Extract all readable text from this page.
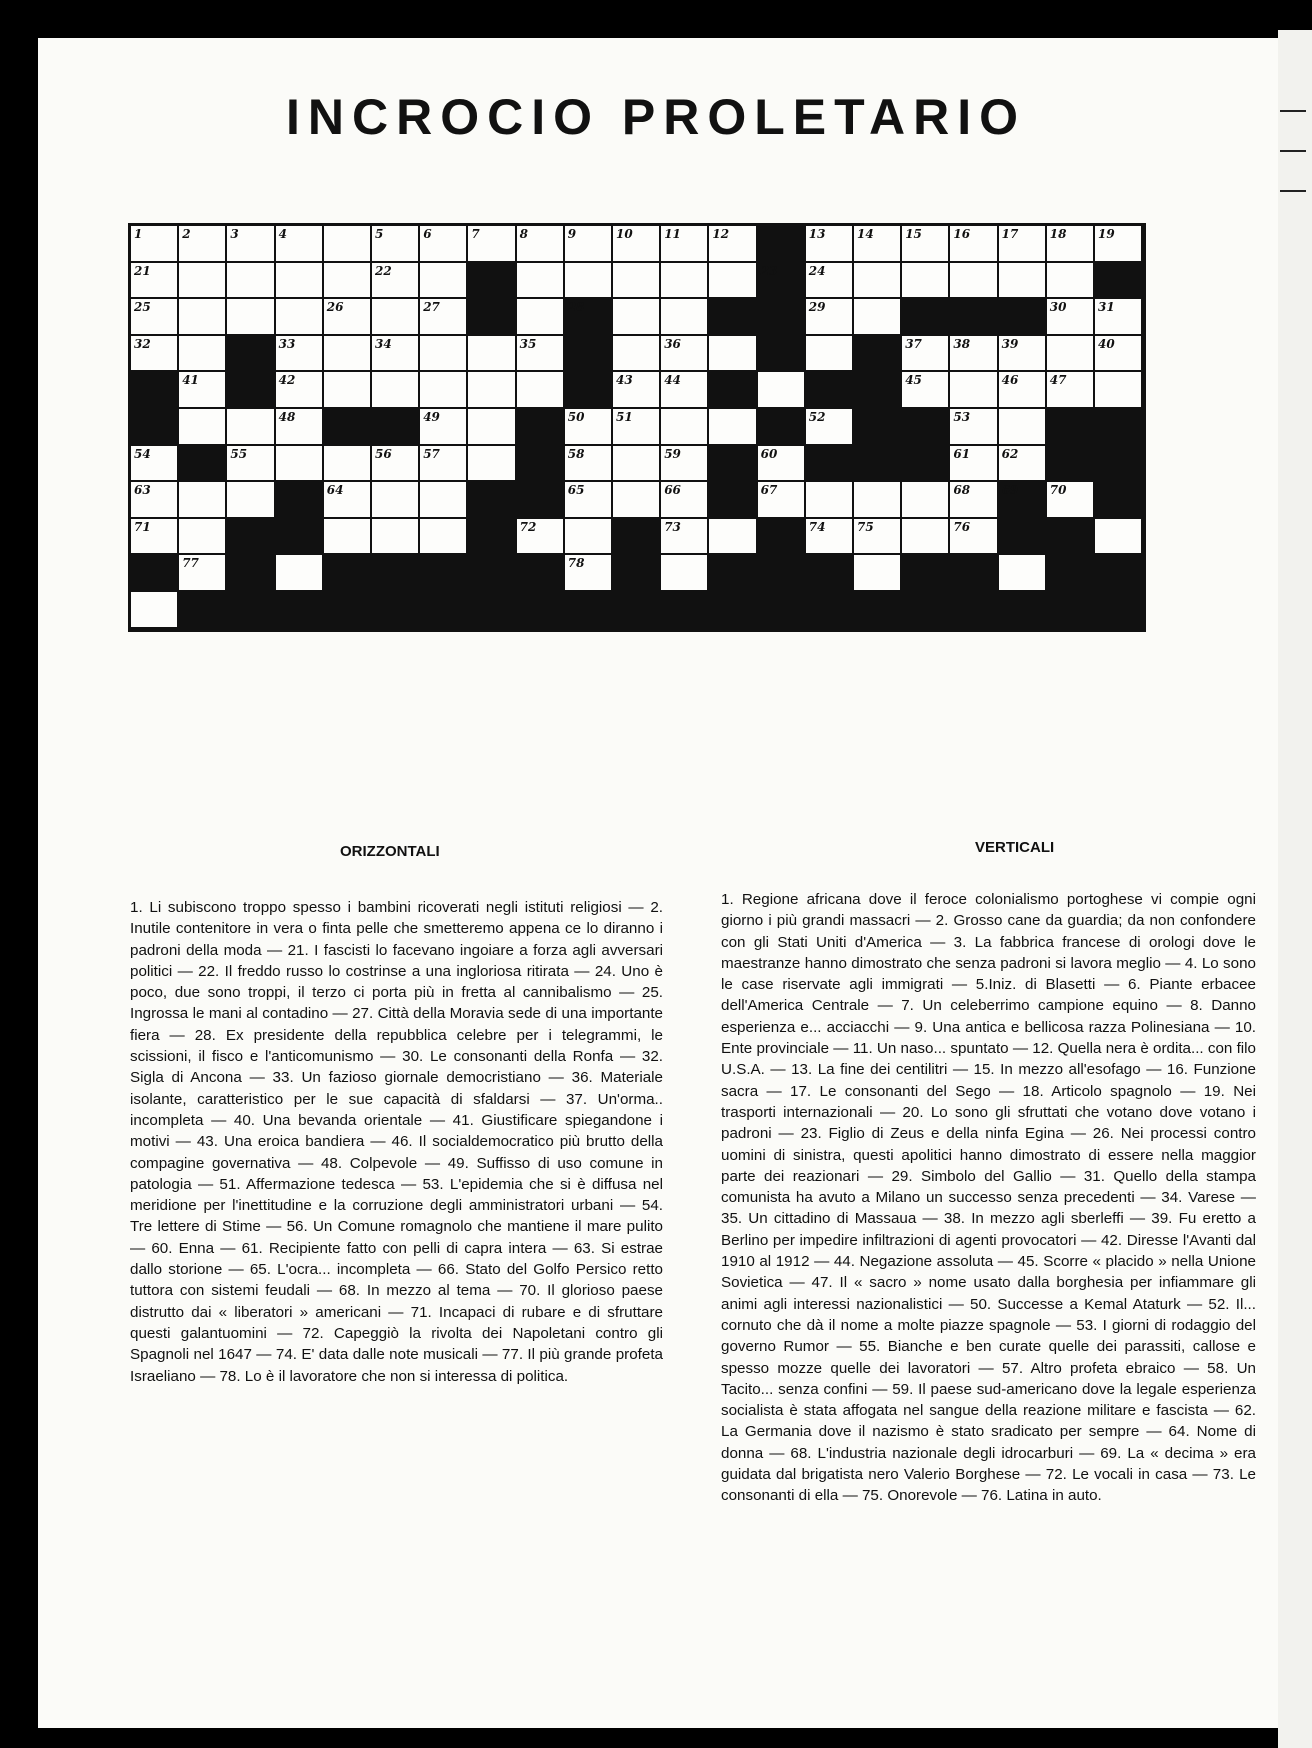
INCROCIO PROLETARIO
1	2	3	4	5	6	7	8	9	10	11	12	13	14	15	16	17	18	19
21	22	23	24
25	26	27	28	29	30	31
32	33	34	35	36	37	38	39	40
41	42	43	44	45	46	47
48	49	50	51	52	53
54	55	56	57	58	59	60	61	62
63	64	65	66	67	68	69	70
71	72	73	74	75	76
77	78
ORIZZONTALI	VERTICALI
1. Li subiscono troppo spesso i bambini ricoverati negli istituti religiosi — 2. Inutile contenitore in vera o finta pelle che smetteremo appena ce lo diranno i padroni della moda — 21. I fascisti lo facevano ingoiare a forza agli avversari politici — 22. Il freddo russo lo costrinse a una ingloriosa ritirata — 24. Uno è poco, due sono troppi, il terzo ci porta più in fretta al cannibalismo — 25. Ingrossa le mani al contadino — 27. Città della Moravia sede di una importante fiera — 28. Ex presidente della repubblica celebre per i telegrammi, le scissioni, il fisco e l'anticomunismo — 30. Le consonanti della Ronfa — 32. Sigla di Ancona — 33. Un fazioso giornale democristiano — 36. Materiale isolante, caratteristico per le sue capacità di sfaldarsi — 37. Un'orma.. incompleta — 40. Una bevanda orientale — 41. Giustificare spiegandone i motivi — 43. Una eroica bandiera — 46. Il socialdemocratico più brutto della compagine governativa — 48. Colpevole — 49. Suffisso di uso comune in patologia — 51. Affermazione tedesca — 53. L'epidemia che si è diffusa nel meridione per l'inettitudine e la corruzione degli amministratori urbani — 54. Tre lettere di Stime — 56. Un Comune romagnolo che mantiene il mare pulito — 60. Enna — 61. Recipiente fatto con pelli di capra intera — 63. Si estrae dallo storione — 65. L'ocra... incompleta — 66. Stato del Golfo Persico retto tuttora con sistemi feudali — 68. In mezzo al tema — 70. Il glorioso paese distrutto dai « liberatori » americani — 71. Incapaci di rubare e di sfruttare questi galantuomini — 72. Capeggiò la rivolta dei Napoletani contro gli Spagnoli nel 1647 — 74. E' data dalle note musicali — 77. Il più grande profeta Israeliano — 78. Lo è il lavoratore che non si interessa di politica.
1. Regione africana dove il feroce colonialismo portoghese vi compie ogni giorno i più grandi massacri — 2. Grosso cane da guardia; da non confondere con gli Stati Uniti d'America — 3. La fabbrica francese di orologi dove le maestranze hanno dimostrato che senza padroni si lavora meglio — 4. Lo sono le case riservate agli immigrati — 5.Iniz. di Blasetti — 6. Piante erbacee dell'America Centrale — 7. Un celeberrimo campione equino — 8. Danno esperienza e... acciacchi — 9. Una antica e bellicosa razza Polinesiana — 10. Ente provinciale — 11. Un naso... spuntato — 12. Quella nera è ordita... con filo U.S.A. — 13. La fine dei centilitri — 15. In mezzo all'esofago — 16. Funzione sacra — 17. Le consonanti del Sego — 18. Articolo spagnolo — 19. Nei trasporti internazionali — 20. Lo sono gli sfruttati che votano dove votano i padroni — 23. Figlio di Zeus e della ninfa Egina — 26. Nei processi contro uomini di sinistra, questi apolitici hanno dimostrato di essere nella maggior parte dei reazionari — 29. Simbolo del Gallio — 31. Quello della stampa comunista ha avuto a Milano un successo senza precedenti — 34. Varese — 35. Un cittadino di Massaua — 38. In mezzo agli sberleffi — 39. Fu eretto a Berlino per impedire infiltrazioni di agenti provocatori — 42. Diresse l'Avanti dal 1910 al 1912 — 44. Negazione assoluta — 45. Scorre « placido » nella Unione Sovietica — 47. Il « sacro » nome usato dalla borghesia per infiammare gli animi agli interessi nazionalistici — 50. Successe a Kemal Ataturk — 52. Il... cornuto che dà il nome a molte piazze spagnole — 53. I giorni di rodaggio del governo Rumor — 55. Bianche e ben curate quelle dei parassiti, callose e spesso mozze quelle dei lavoratori — 57. Altro profeta ebraico — 58. Un Tacito... senza confini — 59. Il paese sud-americano dove la legale esperienza socialista è stata affogata nel sangue della reazione militare e fascista — 62. La Germania dove il nazismo è stato sradicato per sempre — 64. Nome di donna — 68. L'industria nazionale degli idrocarburi — 69. La « decima » era guidata dal brigatista nero Valerio Borghese — 72. Le vocali in casa — 73. Le consonanti di ella — 75. Onorevole — 76. Latina in auto.
